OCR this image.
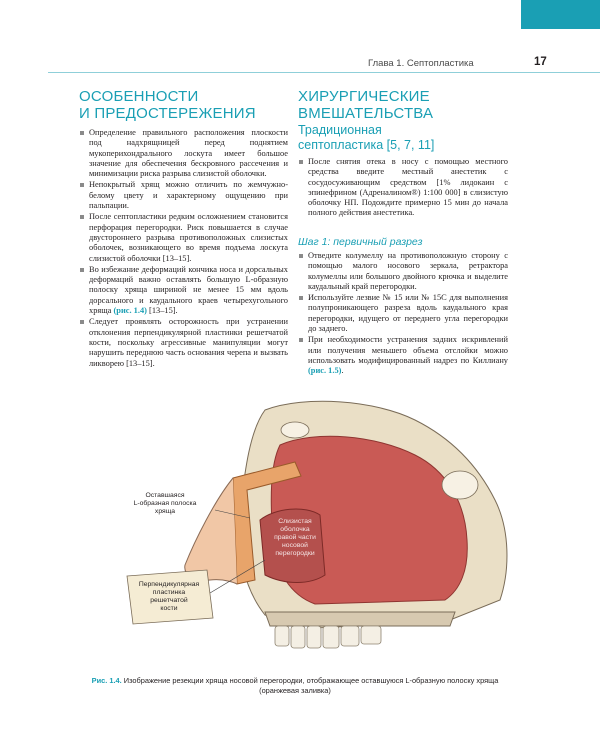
Глава 1. Септопластика	17
ОСОБЕННОСТИ
И ПРЕДОСТЕРЕЖЕНИЯ
Определение правильного расположения плоскости под надхрящницей перед поднятием мукоперихондрального лоскута имеет большое значение для обеспечения бескровного рассечения и минимизации риска разрыва слизистой оболочки.
Непокрытый хрящ можно отличить по жемчужно-белому цвету и характерному ощущению при пальпации.
После септопластики редким осложнением становится перфорация перегородки. Риск повышается в случае двустороннего разрыва противоположных слизистых оболочек, возникающего во время подъема лоскута слизистой оболочки [13–15].
Во избежание деформаций кончика носа и дорсальных деформаций важно оставлять большую L-образную полоску хряща шириной не менее 15 мм вдоль дорсального и каудального краев четырехугольного хряща (рис. 1.4) [13–15].
Следует проявлять осторожность при устранении отклонения перпендикулярной пластинки решетчатой кости, поскольку агрессивные манипуляции могут нарушить переднюю часть основания черепа и вызвать ликворею [13–15].
ХИРУРГИЧЕСКИЕ
ВМЕШАТЕЛЬСТВА
Традиционная
септопластика [5, 7, 11]
После снятия отека в носу с помощью местного средства введите местный анестетик с сосудосуживающим средством [1% лидокаин с эпинефрином (Адреналином®) 1:100 000] в слизистую оболочку НП. Подождите примерно 15 мин до начала полного действия анестетика.
Шаг 1: первичный разрез
Отведите колумеллу на противоположную сторону с помощью малого носового зеркала, ретрактора колумеллы или большого двойного крючка и выделите каудальный край перегородки.
Используйте лезвие № 15 или № 15С для выполнения полупроникающего разреза вдоль каудального края перегородки, идущего от переднего угла перегородки до заднего.
При необходимости устранения задних искривлений или получения меньшего объема отслойки можно использовать модифицированный надрез по Киллиану (рис. 1.5).
Оставшаяся
L-образная полоска
хряща
Слизистая
оболочка
правой части
носовой
перегородки
Перпендикулярная
пластинка
решетчатой
кости
Рис. 1.4. Изображение резекции хряща носовой перегородки, отображающее оставшуюся L-образную полоску хряща (оранжевая заливка)
